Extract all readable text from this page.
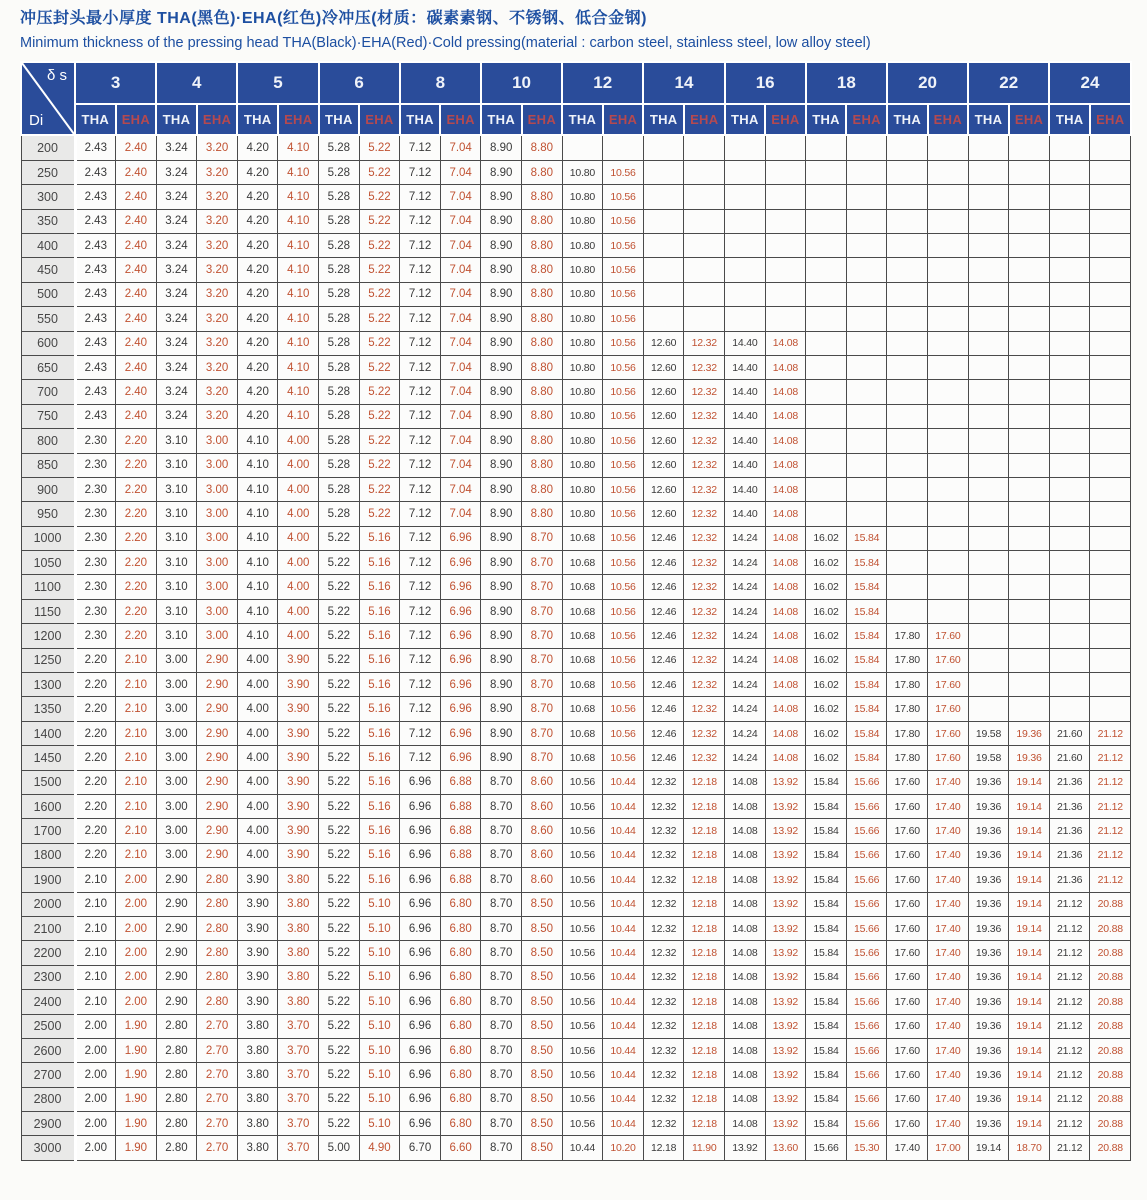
冲压封头最小厚度 THA(黑色)·EHA(红色)冷冲压(材质：碳素素钢、不锈钢、低合金钢)
Minimum thickness of the pressing head THA(Black)·EHA(Red)·Cold pressing(material : carbon steel, stainless steel, low alloy steel)
δ s
Di	3		4		5		6		8		10		12		14		16		18		20		22		24	
	THA	EHA	THA	EHA	THA	EHA	THA	EHA	THA	EHA	THA	EHA	THA	EHA	THA	EHA	THA	EHA	THA	EHA	THA	EHA	THA	EHA	THA	EHA
200	2.43	2.40	3.24	3.20	4.20	4.10	5.28	5.22	7.12	7.04	8.90	8.80														
250	2.43	2.40	3.24	3.20	4.20	4.10	5.28	5.22	7.12	7.04	8.90	8.80	10.80	10.56												
300	2.43	2.40	3.24	3.20	4.20	4.10	5.28	5.22	7.12	7.04	8.90	8.80	10.80	10.56												
350	2.43	2.40	3.24	3.20	4.20	4.10	5.28	5.22	7.12	7.04	8.90	8.80	10.80	10.56												
400	2.43	2.40	3.24	3.20	4.20	4.10	5.28	5.22	7.12	7.04	8.90	8.80	10.80	10.56												
450	2.43	2.40	3.24	3.20	4.20	4.10	5.28	5.22	7.12	7.04	8.90	8.80	10.80	10.56												
500	2.43	2.40	3.24	3.20	4.20	4.10	5.28	5.22	7.12	7.04	8.90	8.80	10.80	10.56												
550	2.43	2.40	3.24	3.20	4.20	4.10	5.28	5.22	7.12	7.04	8.90	8.80	10.80	10.56												
600	2.43	2.40	3.24	3.20	4.20	4.10	5.28	5.22	7.12	7.04	8.90	8.80	10.80	10.56	12.60	12.32	14.40	14.08								
650	2.43	2.40	3.24	3.20	4.20	4.10	5.28	5.22	7.12	7.04	8.90	8.80	10.80	10.56	12.60	12.32	14.40	14.08								
700	2.43	2.40	3.24	3.20	4.20	4.10	5.28	5.22	7.12	7.04	8.90	8.80	10.80	10.56	12.60	12.32	14.40	14.08								
750	2.43	2.40	3.24	3.20	4.20	4.10	5.28	5.22	7.12	7.04	8.90	8.80	10.80	10.56	12.60	12.32	14.40	14.08								
800	2.30	2.20	3.10	3.00	4.10	4.00	5.28	5.22	7.12	7.04	8.90	8.80	10.80	10.56	12.60	12.32	14.40	14.08								
850	2.30	2.20	3.10	3.00	4.10	4.00	5.28	5.22	7.12	7.04	8.90	8.80	10.80	10.56	12.60	12.32	14.40	14.08								
900	2.30	2.20	3.10	3.00	4.10	4.00	5.28	5.22	7.12	7.04	8.90	8.80	10.80	10.56	12.60	12.32	14.40	14.08								
950	2.30	2.20	3.10	3.00	4.10	4.00	5.28	5.22	7.12	7.04	8.90	8.80	10.80	10.56	12.60	12.32	14.40	14.08								
1000	2.30	2.20	3.10	3.00	4.10	4.00	5.22	5.16	7.12	6.96	8.90	8.70	10.68	10.56	12.46	12.32	14.24	14.08	16.02	15.84						
1050	2.30	2.20	3.10	3.00	4.10	4.00	5.22	5.16	7.12	6.96	8.90	8.70	10.68	10.56	12.46	12.32	14.24	14.08	16.02	15.84						
1100	2.30	2.20	3.10	3.00	4.10	4.00	5.22	5.16	7.12	6.96	8.90	8.70	10.68	10.56	12.46	12.32	14.24	14.08	16.02	15.84						
1150	2.30	2.20	3.10	3.00	4.10	4.00	5.22	5.16	7.12	6.96	8.90	8.70	10.68	10.56	12.46	12.32	14.24	14.08	16.02	15.84						
1200	2.30	2.20	3.10	3.00	4.10	4.00	5.22	5.16	7.12	6.96	8.90	8.70	10.68	10.56	12.46	12.32	14.24	14.08	16.02	15.84	17.80	17.60				
1250	2.20	2.10	3.00	2.90	4.00	3.90	5.22	5.16	7.12	6.96	8.90	8.70	10.68	10.56	12.46	12.32	14.24	14.08	16.02	15.84	17.80	17.60				
1300	2.20	2.10	3.00	2.90	4.00	3.90	5.22	5.16	7.12	6.96	8.90	8.70	10.68	10.56	12.46	12.32	14.24	14.08	16.02	15.84	17.80	17.60				
1350	2.20	2.10	3.00	2.90	4.00	3.90	5.22	5.16	7.12	6.96	8.90	8.70	10.68	10.56	12.46	12.32	14.24	14.08	16.02	15.84	17.80	17.60				
1400	2.20	2.10	3.00	2.90	4.00	3.90	5.22	5.16	7.12	6.96	8.90	8.70	10.68	10.56	12.46	12.32	14.24	14.08	16.02	15.84	17.80	17.60	19.58	19.36	21.60	21.12
1450	2.20	2.10	3.00	2.90	4.00	3.90	5.22	5.16	7.12	6.96	8.90	8.70	10.68	10.56	12.46	12.32	14.24	14.08	16.02	15.84	17.80	17.60	19.58	19.36	21.60	21.12
1500	2.20	2.10	3.00	2.90	4.00	3.90	5.22	5.16	6.96	6.88	8.70	8.60	10.56	10.44	12.32	12.18	14.08	13.92	15.84	15.66	17.60	17.40	19.36	19.14	21.36	21.12
1600	2.20	2.10	3.00	2.90	4.00	3.90	5.22	5.16	6.96	6.88	8.70	8.60	10.56	10.44	12.32	12.18	14.08	13.92	15.84	15.66	17.60	17.40	19.36	19.14	21.36	21.12
1700	2.20	2.10	3.00	2.90	4.00	3.90	5.22	5.16	6.96	6.88	8.70	8.60	10.56	10.44	12.32	12.18	14.08	13.92	15.84	15.66	17.60	17.40	19.36	19.14	21.36	21.12
1800	2.20	2.10	3.00	2.90	4.00	3.90	5.22	5.16	6.96	6.88	8.70	8.60	10.56	10.44	12.32	12.18	14.08	13.92	15.84	15.66	17.60	17.40	19.36	19.14	21.36	21.12
1900	2.10	2.00	2.90	2.80	3.90	3.80	5.22	5.16	6.96	6.88	8.70	8.60	10.56	10.44	12.32	12.18	14.08	13.92	15.84	15.66	17.60	17.40	19.36	19.14	21.36	21.12
2000	2.10	2.00	2.90	2.80	3.90	3.80	5.22	5.10	6.96	6.80	8.70	8.50	10.56	10.44	12.32	12.18	14.08	13.92	15.84	15.66	17.60	17.40	19.36	19.14	21.12	20.88
2100	2.10	2.00	2.90	2.80	3.90	3.80	5.22	5.10	6.96	6.80	8.70	8.50	10.56	10.44	12.32	12.18	14.08	13.92	15.84	15.66	17.60	17.40	19.36	19.14	21.12	20.88
2200	2.10	2.00	2.90	2.80	3.90	3.80	5.22	5.10	6.96	6.80	8.70	8.50	10.56	10.44	12.32	12.18	14.08	13.92	15.84	15.66	17.60	17.40	19.36	19.14	21.12	20.88
2300	2.10	2.00	2.90	2.80	3.90	3.80	5.22	5.10	6.96	6.80	8.70	8.50	10.56	10.44	12.32	12.18	14.08	13.92	15.84	15.66	17.60	17.40	19.36	19.14	21.12	20.88
2400	2.10	2.00	2.90	2.80	3.90	3.80	5.22	5.10	6.96	6.80	8.70	8.50	10.56	10.44	12.32	12.18	14.08	13.92	15.84	15.66	17.60	17.40	19.36	19.14	21.12	20.88
2500	2.00	1.90	2.80	2.70	3.80	3.70	5.22	5.10	6.96	6.80	8.70	8.50	10.56	10.44	12.32	12.18	14.08	13.92	15.84	15.66	17.60	17.40	19.36	19.14	21.12	20.88
2600	2.00	1.90	2.80	2.70	3.80	3.70	5.22	5.10	6.96	6.80	8.70	8.50	10.56	10.44	12.32	12.18	14.08	13.92	15.84	15.66	17.60	17.40	19.36	19.14	21.12	20.88
2700	2.00	1.90	2.80	2.70	3.80	3.70	5.22	5.10	6.96	6.80	8.70	8.50	10.56	10.44	12.32	12.18	14.08	13.92	15.84	15.66	17.60	17.40	19.36	19.14	21.12	20.88
2800	2.00	1.90	2.80	2.70	3.80	3.70	5.22	5.10	6.96	6.80	8.70	8.50	10.56	10.44	12.32	12.18	14.08	13.92	15.84	15.66	17.60	17.40	19.36	19.14	21.12	20.88
2900	2.00	1.90	2.80	2.70	3.80	3.70	5.22	5.10	6.96	6.80	8.70	8.50	10.56	10.44	12.32	12.18	14.08	13.92	15.84	15.66	17.60	17.40	19.36	19.14	21.12	20.88
3000	2.00	1.90	2.80	2.70	3.80	3.70	5.00	4.90	6.70	6.60	8.70	8.50	10.44	10.20	12.18	11.90	13.92	13.60	15.66	15.30	17.40	17.00	19.14	18.70	21.12	20.88
